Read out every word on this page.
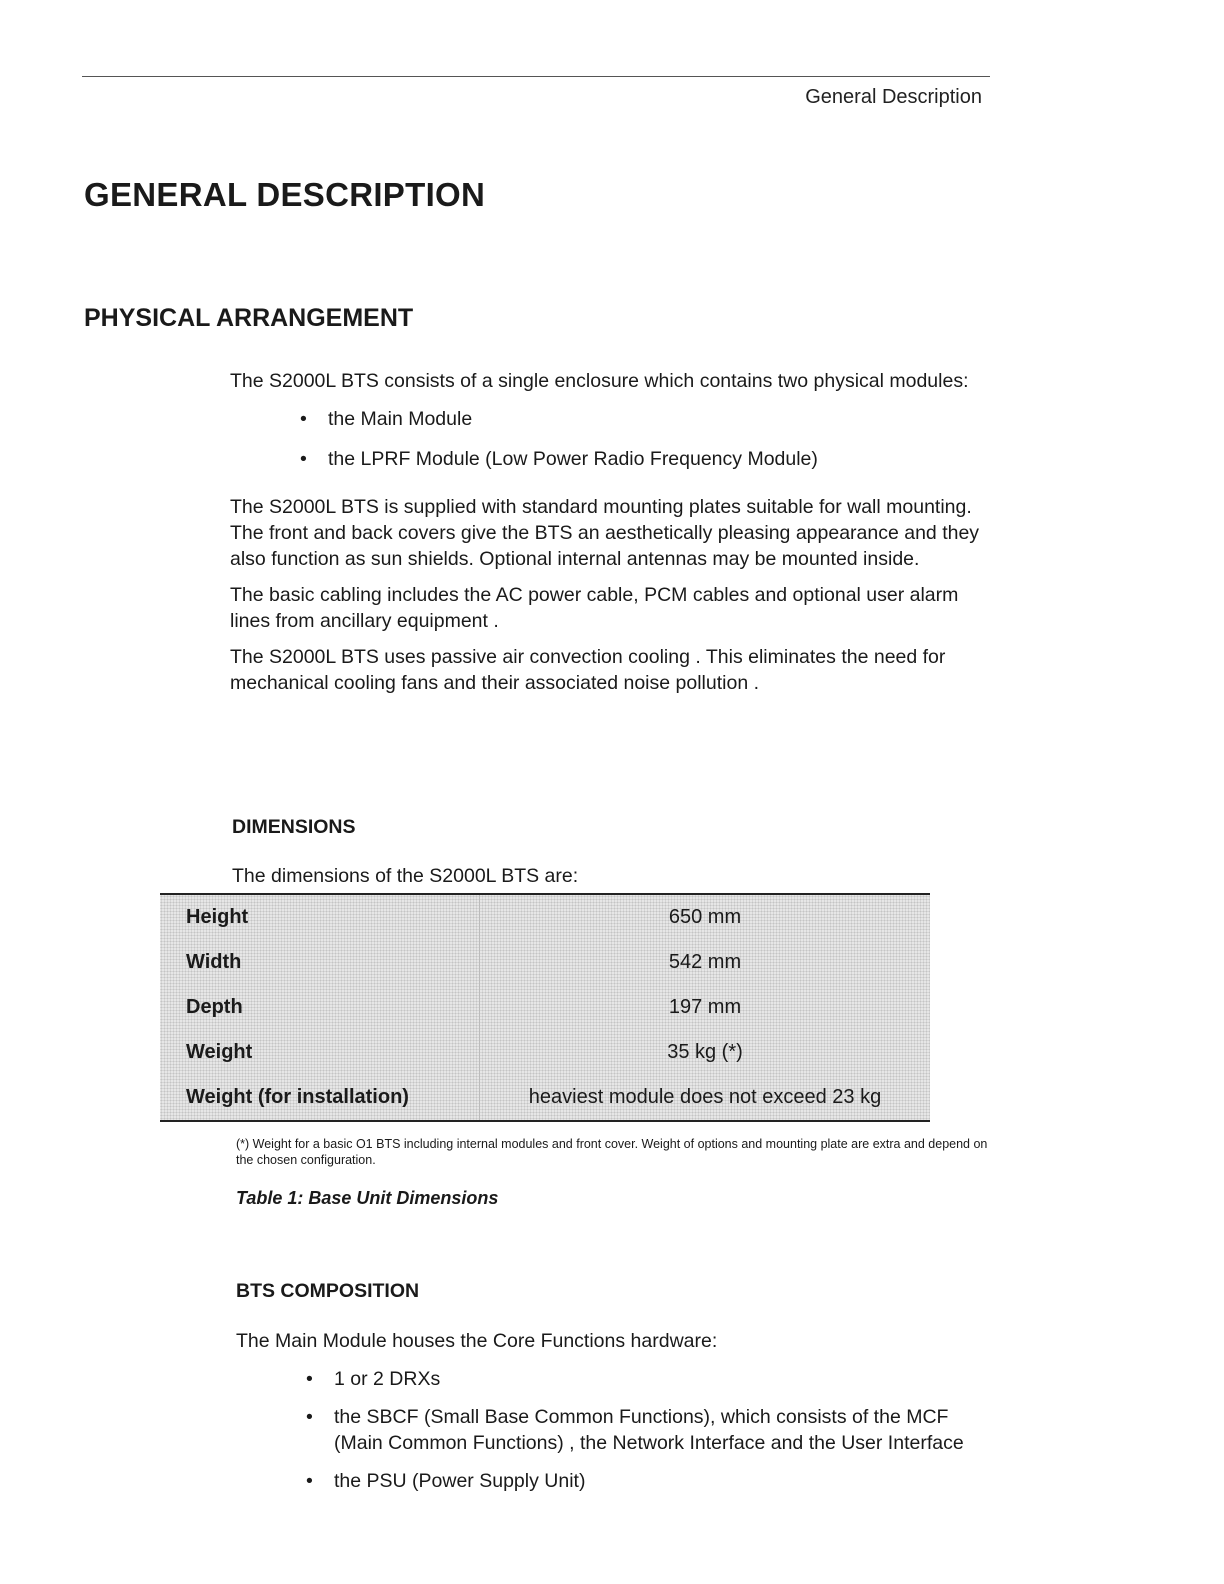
General Description
GENERAL DESCRIPTION
PHYSICAL ARRANGEMENT

The S2000L BTS consists of a single enclosure which contains two physical modules:

• the Main Module
• the LPRF Module (Low Power Radio Frequency Module)

The S2000L BTS is supplied with standard mounting plates suitable for wall mounting. The front and back covers give the BTS an aesthetically pleasing appearance and they also function as sun shields. Optional internal antennas may be mounted inside.

The basic cabling includes the AC power cable, PCM cables and optional user alarm lines from ancillary equipment .

The S2000L BTS uses passive air convection cooling . This eliminates the need for mechanical cooling fans and their associated noise pollution .

DIMENSIONS
The dimensions of the S2000L BTS are:
Height	650 mm
Width	542 mm
Depth	197 mm
Weight	35 kg (*)
Weight (for installation)	heaviest module does not exceed 23 kg
(*) Weight for a basic O1 BTS including internal modules and front cover. Weight of options and mounting plate are extra and depend on the chosen configuration.
Table 1: Base Unit Dimensions
BTS COMPOSITION

The Main Module houses the Core Functions hardware:

• 1 or 2 DRXs
• the SBCF (Small Base Common Functions), which consists of the MCF (Main Common Functions) , the Network Interface and the User Interface
• the PSU (Power Supply Unit)
